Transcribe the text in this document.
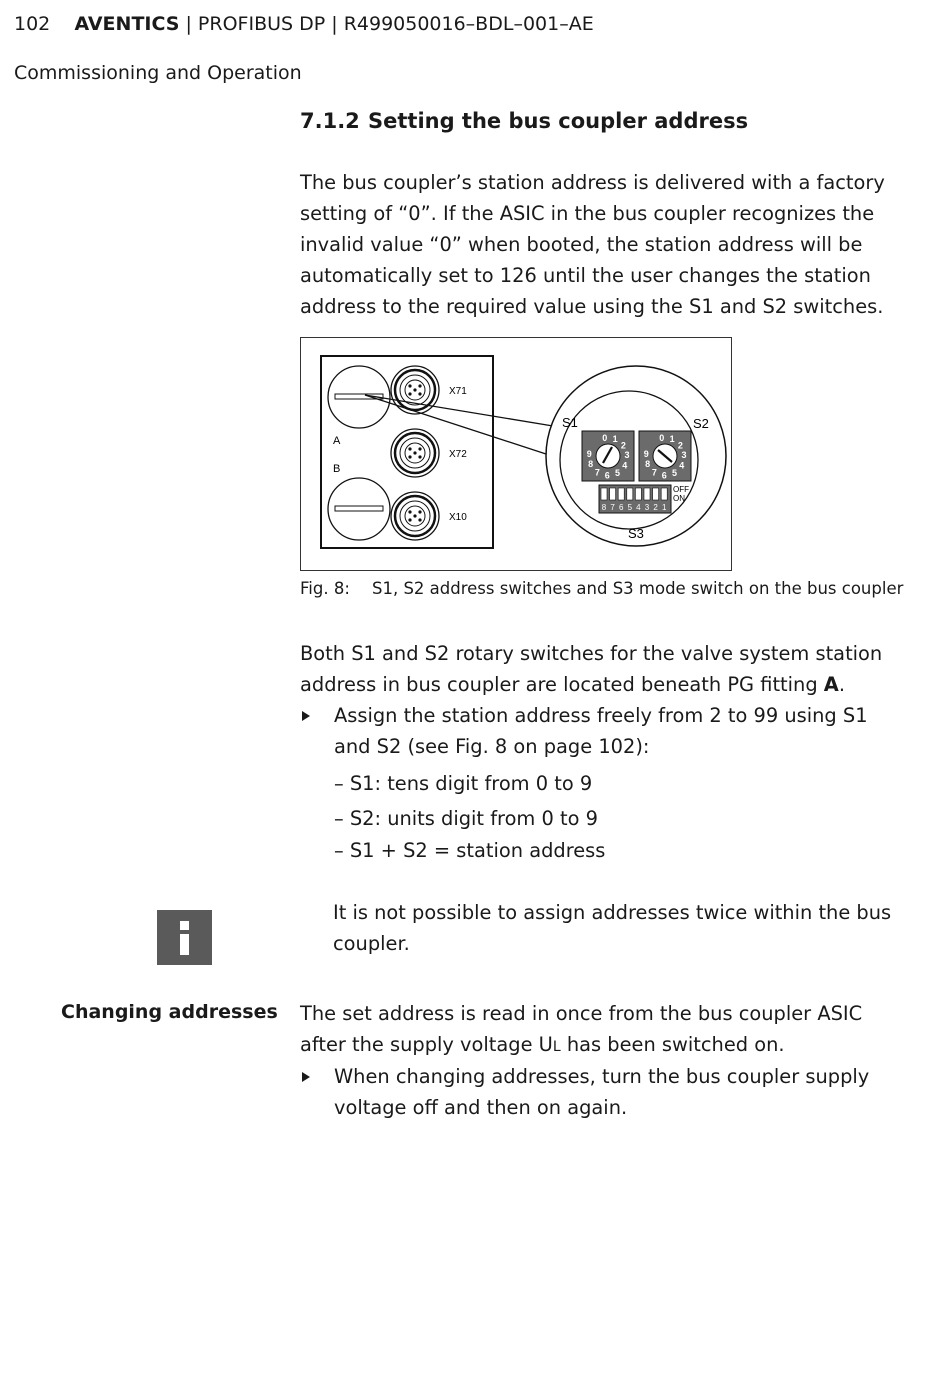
102 AVENTICS | PROFIBUS DP | R499050016–BDL–001–AE
Commissioning and Operation
7.1.2 Setting the bus coupler address
The bus coupler’s station address is delivered with a factory setting of “0”. If the ASIC in the bus coupler recognizes the invalid value “0” when booted, the station address will be automatically set to 126 until the user changes the station address to the required value using the S1 and S2 switches.
A
B
X71
X72
X10
S1	S2
S3
0 1
2
3
4
5
6
7
8
9
0 1
2
3
4
5
6
7
8
9
8 7 6 5 4 3 2 1
OFF
ON
Fig. 8: S1, S2 address switches and S3 mode switch on the bus coupler
Both S1 and S2 rotary switches for the valve system station address in bus coupler are located beneath PG fitting A.
Assign the station address freely from 2 to 99 using S1 and S2 (see Fig. 8 on page 102):
– S1: tens digit from 0 to 9
– S2: units digit from 0 to 9
– S1 + S2 = station address
It is not possible to assign addresses twice within the bus coupler.
Changing addresses The set address is read in once from the bus coupler ASIC after the supply voltage UL has been switched on.
When changing addresses, turn the bus coupler supply voltage off and then on again.
